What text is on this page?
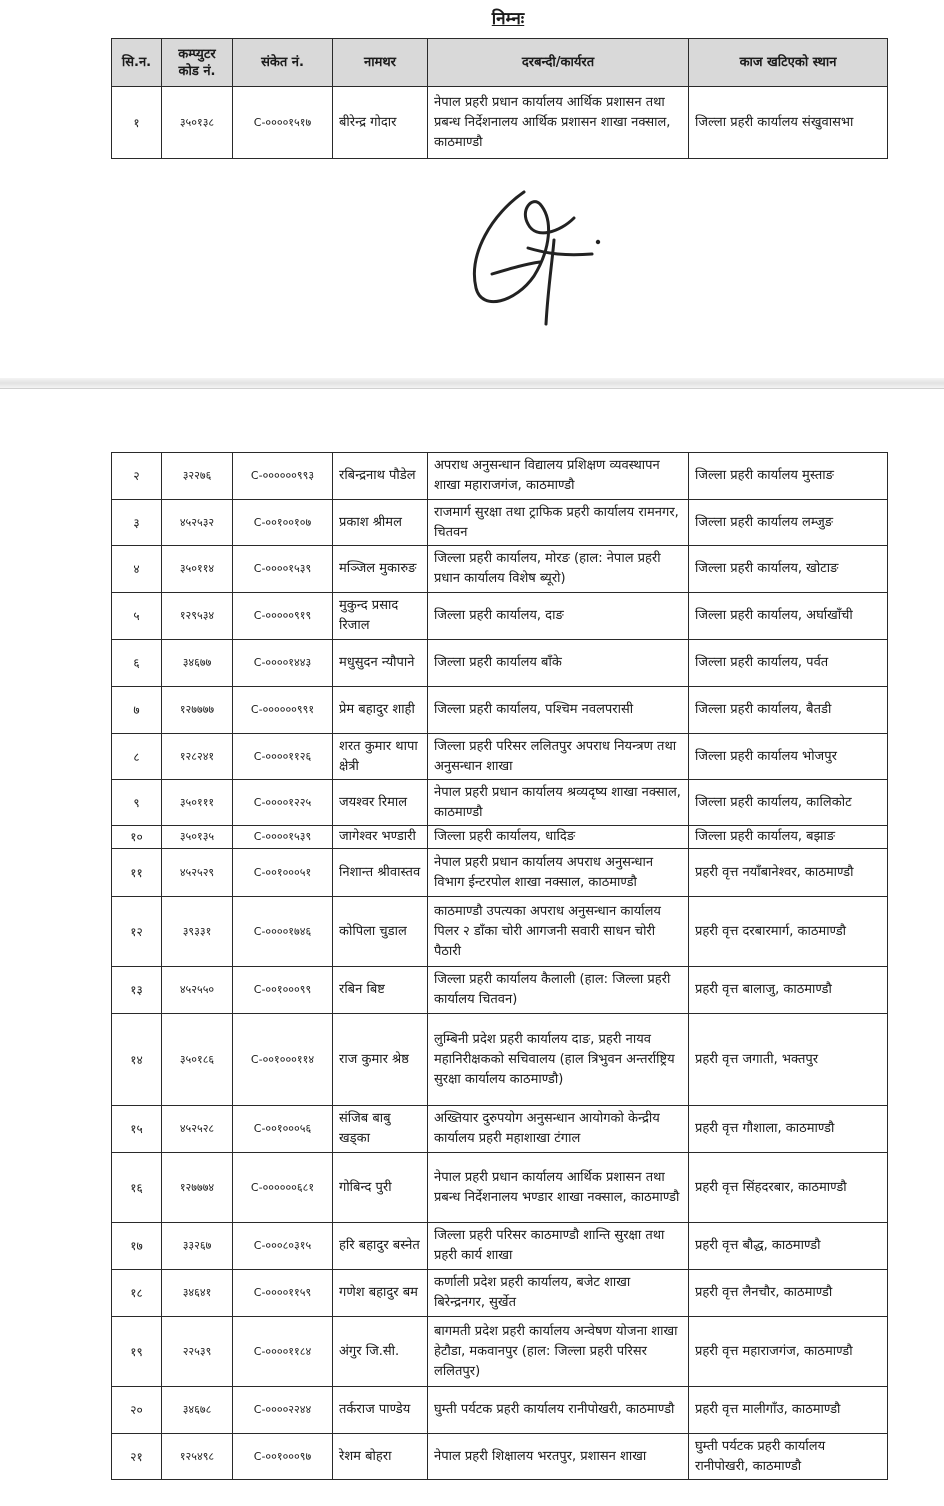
निम्नः
सि.न.	कम्प्युटर कोड नं.	संकेत नं.	नामथर	दरबन्दी/कार्यरत	काज खटिएको स्थान
१	३५०१३८	C-००००१५१७	बीरेन्द्र गोदार	नेपाल प्रहरी प्रधान कार्यालय आर्थिक प्रशासन तथा प्रबन्ध निर्देशनालय आर्थिक प्रशासन शाखा नक्साल, काठमाण्डौ	जिल्ला प्रहरी कार्यालय संखुवासभा
२	३२२७६	C-००००००९९३	रबिन्द्रनाथ पौडेल	अपराध अनुसन्धान विद्यालय प्रशिक्षण व्यवस्थापन शाखा महाराजगंज, काठमाण्डौ	जिल्ला प्रहरी कार्यालय मुस्ताङ
३	४५२५३२	C-००१००१०७	प्रकाश श्रीमल	राजमार्ग सुरक्षा तथा ट्राफिक प्रहरी कार्यालय रामनगर, चितवन	जिल्ला प्रहरी कार्यालय लम्जुङ
४	३५०११४	C-००००१५३९	मञ्जिल मुकारुङ	जिल्ला प्रहरी कार्यालय, मोरङ (हाल: नेपाल प्रहरी प्रधान कार्यालय विशेष ब्यूरो)	जिल्ला प्रहरी कार्यालय, खोटाङ
५	१२९५३४	C-०००००९१९	मुकुन्द प्रसाद रिजाल	जिल्ला प्रहरी कार्यालय, दाङ	जिल्ला प्रहरी कार्यालय, अर्घाखाँची
६	३४६७७	C-००००१४४३	मधुसुदन न्यौपाने	जिल्ला प्रहरी कार्यालय बाँके	जिल्ला प्रहरी कार्यालय, पर्वत
७	१२७७७७	C-००००००९९१	प्रेम बहादुर शाही	जिल्ला प्रहरी कार्यालय, पश्चिम नवलपरासी	जिल्ला प्रहरी कार्यालय, बैतडी
८	१२८२४१	C-००००११२६	शरत कुमार थापा क्षेत्री	जिल्ला प्रहरी परिसर ललितपुर अपराध नियन्त्रण तथा अनुसन्धान शाखा	जिल्ला प्रहरी कार्यालय भोजपुर
९	३५०१११	C-००००१२२५	जयश्वर रिमाल	नेपाल प्रहरी प्रधान कार्यालय श्रव्यदृष्य शाखा नक्साल, काठमाण्डौ	जिल्ला प्रहरी कार्यालय, कालिकोट
१०	३५०१३५	C-००००१५३९	जागेश्वर भण्डारी	जिल्ला प्रहरी कार्यालय, धादिङ	जिल्ला प्रहरी कार्यालय, बझाङ
११	४५२५२९	C-००१०००५१	निशान्त श्रीवास्तव	नेपाल प्रहरी प्रधान कार्यालय अपराध अनुसन्धान विभाग ईन्टरपोल शाखा नक्साल, काठमाण्डौ	प्रहरी वृत्त नयाँबानेश्वर, काठमाण्डौ
१२	३९३३१	C-००००१७४६	कोपिला चुडाल	काठमाण्डौ उपत्यका अपराध अनुसन्धान कार्यालय पिलर २ डाँका चोरी आगजनी सवारी साधन चोरी पैठारी	प्रहरी वृत्त दरबारमार्ग, काठमाण्डौ
१३	४५२५५०	C-००१०००९९	रबिन बिष्ट	जिल्ला प्रहरी कार्यालय कैलाली (हाल: जिल्ला प्रहरी कार्यालय चितवन)	प्रहरी वृत्त बालाजु, काठमाण्डौ
१४	३५०१८६	C-००१०००११४	राज कुमार श्रेष्ठ	लुम्बिनी प्रदेश प्रहरी कार्यालय दाङ, प्रहरी नायव महानिरीक्षकको सचिवालय (हाल त्रिभुवन अन्तर्राष्ट्रिय सुरक्षा कार्यालय काठमाण्डौ)	प्रहरी वृत्त जगाती, भक्तपुर
१५	४५२५२८	C-००१०००५६	संजिब बाबु खड्का	अख्तियार दुरुपयोग अनुसन्धान आयोगको केन्द्रीय कार्यालय प्रहरी महाशाखा टंगाल	प्रहरी वृत्त गौशाला, काठमाण्डौ
१६	१२७७७४	C-००००००६८१	गोबिन्द पुरी	नेपाल प्रहरी प्रधान कार्यालय आर्थिक प्रशासन तथा प्रबन्ध निर्देशनालय भण्डार शाखा नक्साल, काठमाण्डौ	प्रहरी वृत्त सिंहदरबार, काठमाण्डौ
१७	३३२६७	C-०००८०३१५	हरि बहादुर बस्नेत	जिल्ला प्रहरी परिसर काठमाण्डौ शान्ति सुरक्षा तथा प्रहरी कार्य शाखा	प्रहरी वृत्त बौद्ध, काठमाण्डौ
१८	३४६४१	C-००००११५९	गणेश बहादुर बम	कर्णाली प्रदेश प्रहरी कार्यालय, बजेट शाखा बिरेन्द्रनगर, सुर्खेत	प्रहरी वृत्त लैनचौर, काठमाण्डौ
१९	२२५३९	C-००००११८४	अंगुर जि.सी.	बागमती प्रदेश प्रहरी कार्यालय अन्वेषण योजना शाखा हेटौडा, मकवानपुर (हाल: जिल्ला प्रहरी परिसर ललितपुर)	प्रहरी वृत्त महाराजगंज, काठमाण्डौ
२०	३४६७८	C-००००२२४४	तर्कराज पाण्डेय	घुम्ती पर्यटक प्रहरी कार्यालय रानीपोखरी, काठमाण्डौ	प्रहरी वृत्त मालीगाँउ, काठमाण्डौ
२१	१२५४९८	C-००१०००९७	रेशम बोहरा	नेपाल प्रहरी शिक्षालय भरतपुर, प्रशासन शाखा	घुम्ती पर्यटक प्रहरी कार्यालय रानीपोखरी, काठमाण्डौ
